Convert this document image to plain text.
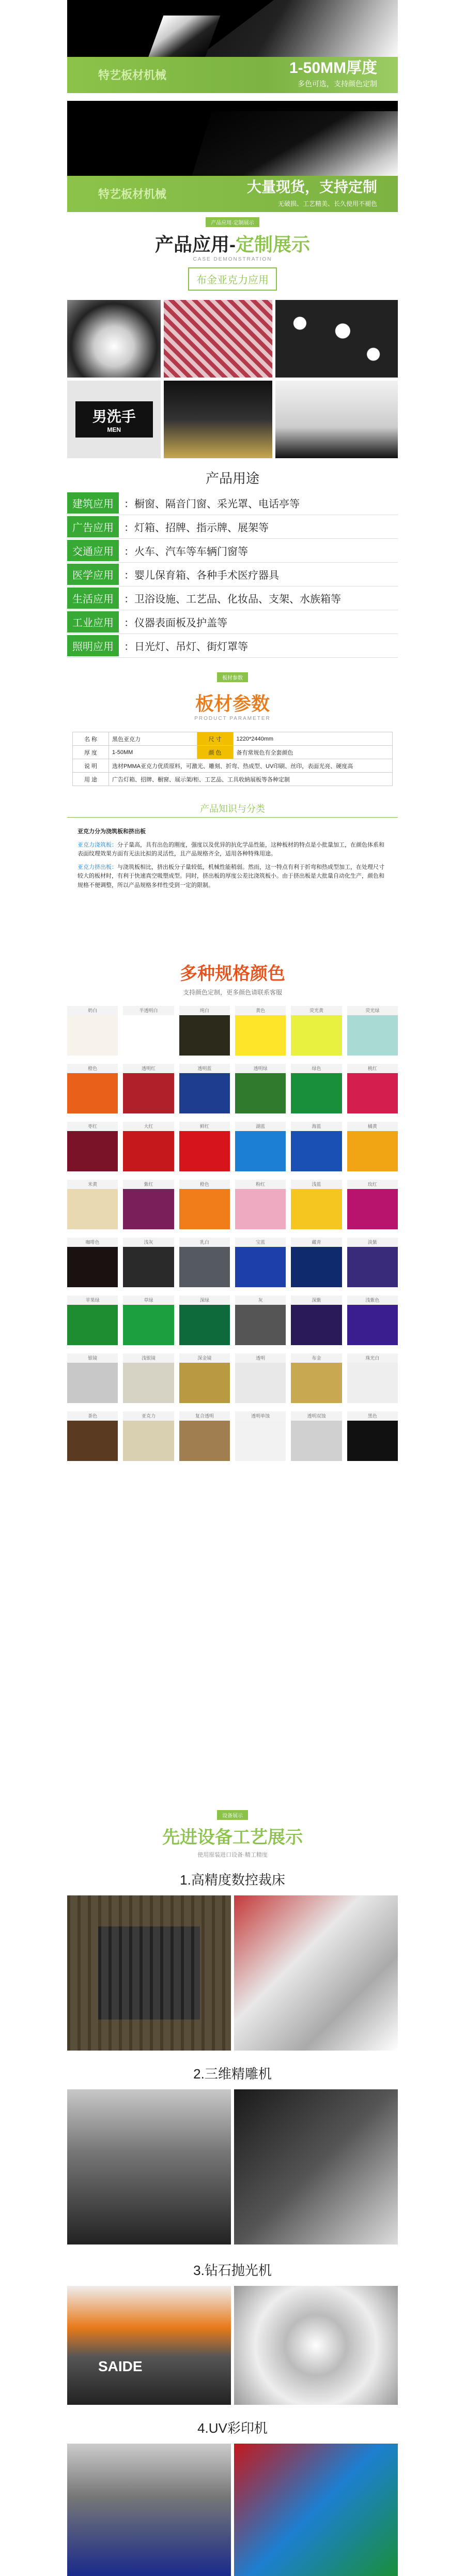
特艺板材机械	1-50MM厚度
多色可选，支持颜色定制
特艺板材机械	大量现货，支持定制
无破损、工艺精美、长久使用不褪色
产品应用·定制展示
产品应用-定制展示
CASE DEMONSTRATION
布金亚克力应用
男洗手
MEN
产品用途
建筑应用	：橱窗、隔音门窗、采光罩、电话亭等
广告应用	：灯箱、招牌、指示牌、展架等
交通应用	：火车、汽车等车辆门窗等
医学应用	：婴儿保育箱、各种手术医疗器具
生活应用	：卫浴设施、工艺品、化妆品、支架、水族箱等
工业应用	：仪器表面板及护盖等
照明应用	：日光灯、吊灯、街灯罩等
板材参数
板材参数
PRODUCT PARAMETER
名 称	黑色亚克力	尺 寸	1220*2440mm
厚 度	1-50MM	颜 色	备有常规色有全套颜色
说 明	选材PMMA亚克力优质原料，可激光、雕刻、折弯、热成型、UV印刷、丝印，表面光亮、硬度高		
用 途	广告灯箱、招牌、橱窗、展示架/柜、工艺品、工具收納展板等各种定制		
产品知识与分类
亚克力分为浇筑板和挤出板

亚克力浇筑板：分子量高，具有出色的刚度，强度以及优异的抗化学品性能，这种板材的特点是小批量加工，在颜色体系和表面纹理效果方面有无法比拟的灵活性，且产品规格齐全，适用各种特殊用途。

亚克力挤出板：与浇筑板相比，挤出板分子量较低，机械性能稍弱。然而，这一特点有利于折弯和热成型加工，在处理尺寸较大的板材时，有利于快速真空吸塑成型。同时，挤出板的厚度公差比浇筑板小。由于挤出板是大批量自动化生产，颜色和规格不便调整，所以产品规格多样性受到一定的限制。

多种规格颜色
支持颜色定制，更多颜色请联系客服
奶白	半透明白	纯白	黄色	荧光黄	荧光绿
橙色	透明红	透明蓝	透明绿	绿色	桃红
枣红	大红	鲜红	湖蓝	海蓝	橘黄
米黄	紫红	橙色	粉红	浅蓝	玫红
咖啡色	浅灰	乳白	宝蓝	藏青	淡紫
苹果绿	草绿	深绿	灰	深紫	浅紫色
银镜	浅银镜	深金镜	透明	布金	珠光白
茶色	亚克力	复合透明	透明单蚀	透明双蚀	黑色
设备展示
先进设备工艺展示
使用原装进口设备·精工精度
1.高精度数控裁床
2.三维精雕机
3.钻石抛光机
SAIDE
4.UV彩印机
